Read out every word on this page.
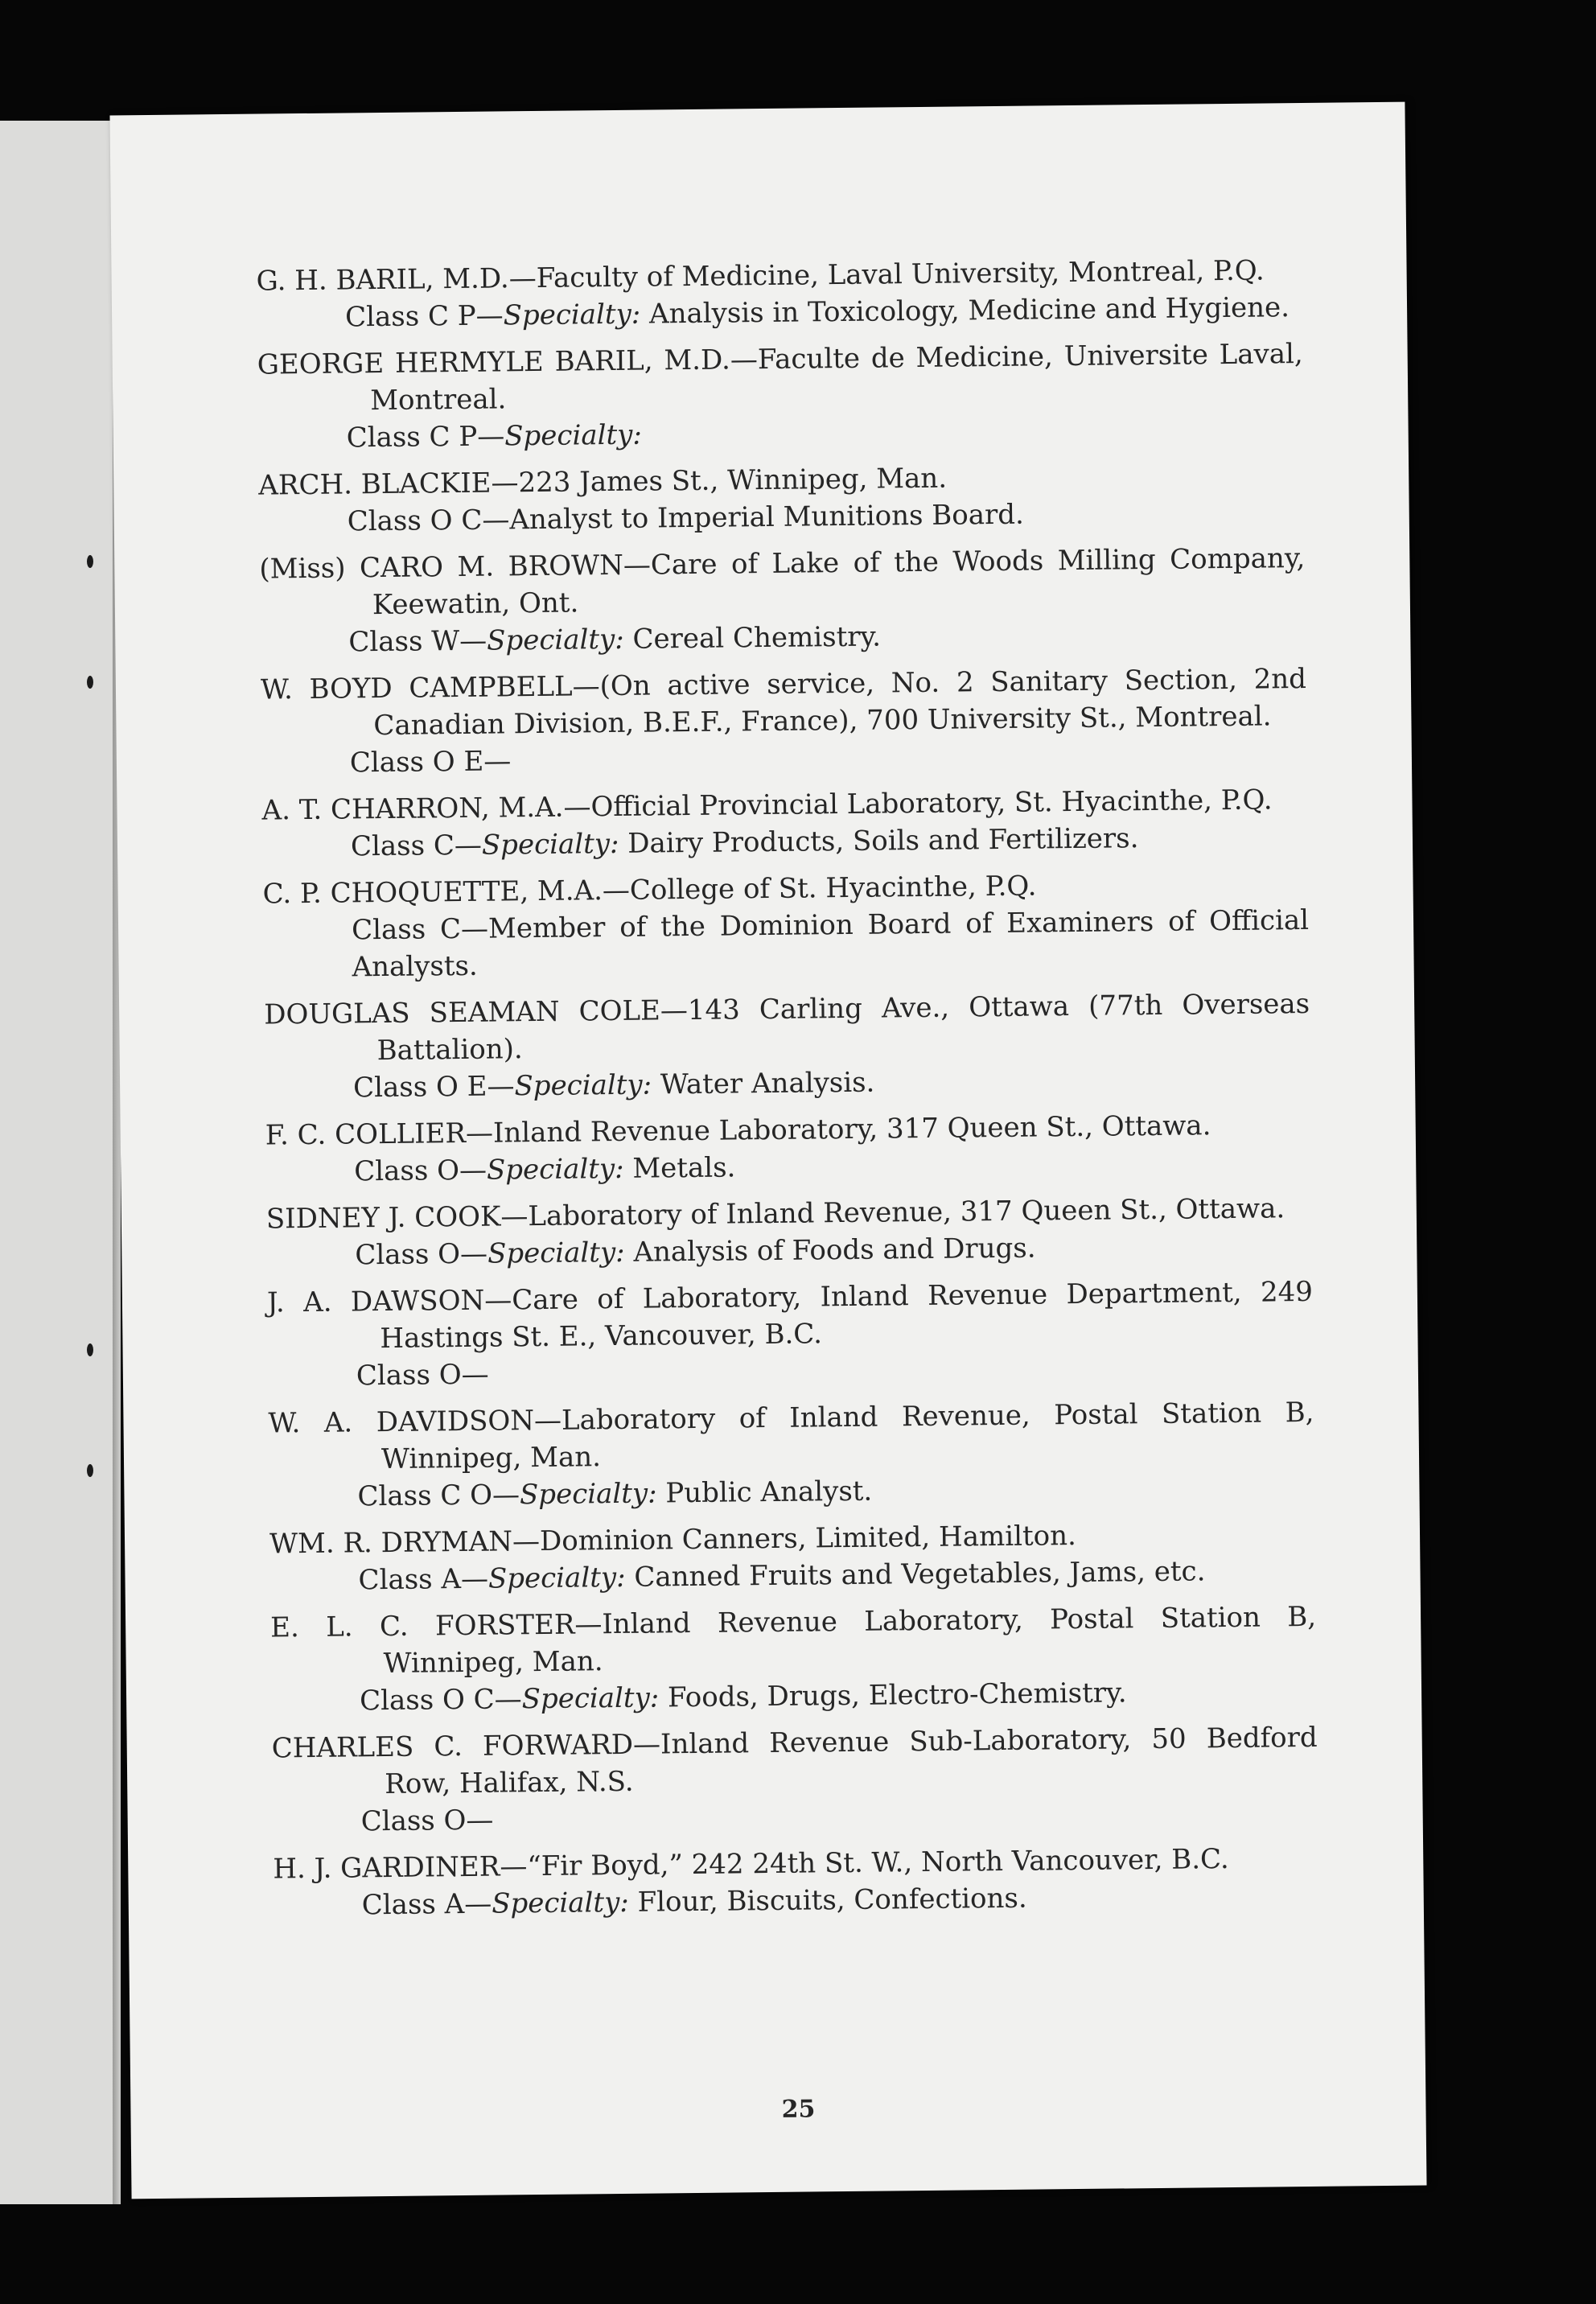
G. H. BARIL, M.D.—Faculty of Medicine, Laval University, Montreal, P.Q.
Class C P—Specialty: Analysis in Toxicology, Medicine and Hygiene.
GEORGE HERMYLE BARIL, M.D.—Faculte de Medicine, Universite Laval, Montreal.
Class C P—Specialty:
ARCH. BLACKIE—223 James St., Winnipeg, Man.
Class O C—Analyst to Imperial Munitions Board.
(Miss) CARO M. BROWN—Care of Lake of the Woods Milling Company, Keewatin, Ont.
Class W—Specialty: Cereal Chemistry.
W. BOYD CAMPBELL—(On active service, No. 2 Sanitary Section, 2nd Canadian Division, B.E.F., France), 700 University St., Montreal.
Class O E—
A. T. CHARRON, M.A.—Official Provincial Laboratory, St. Hyacinthe, P.Q.
Class C—Specialty: Dairy Products, Soils and Fertilizers.
C. P. CHOQUETTE, M.A.—College of St. Hyacinthe, P.Q.
Class C—Member of the Dominion Board of Examiners of Official Analysts.
DOUGLAS SEAMAN COLE—143 Carling Ave., Ottawa (77th Overseas Battalion).
Class O E—Specialty: Water Analysis.
F. C. COLLIER—Inland Revenue Laboratory, 317 Queen St., Ottawa.
Class O—Specialty: Metals.
SIDNEY J. COOK—Laboratory of Inland Revenue, 317 Queen St., Ottawa.
Class O—Specialty: Analysis of Foods and Drugs.
J. A. DAWSON—Care of Laboratory, Inland Revenue Department, 249 Hastings St. E., Vancouver, B.C.
Class O—
W. A. DAVIDSON—Laboratory of Inland Revenue, Postal Station B, Winnipeg, Man.
Class C O—Specialty: Public Analyst.
WM. R. DRYMAN—Dominion Canners, Limited, Hamilton.
Class A—Specialty: Canned Fruits and Vegetables, Jams, etc.
E. L. C. FORSTER—Inland Revenue Laboratory, Postal Station B, Winnipeg, Man.
Class O C—Specialty: Foods, Drugs, Electro-Chemistry.
CHARLES C. FORWARD—Inland Revenue Sub-Laboratory, 50 Bedford Row, Halifax, N.S.
Class O—
H. J. GARDINER—“Fir Boyd,” 242 24th St. W., North Vancouver, B.C.
Class A—Specialty: Flour, Biscuits, Confections.
25
